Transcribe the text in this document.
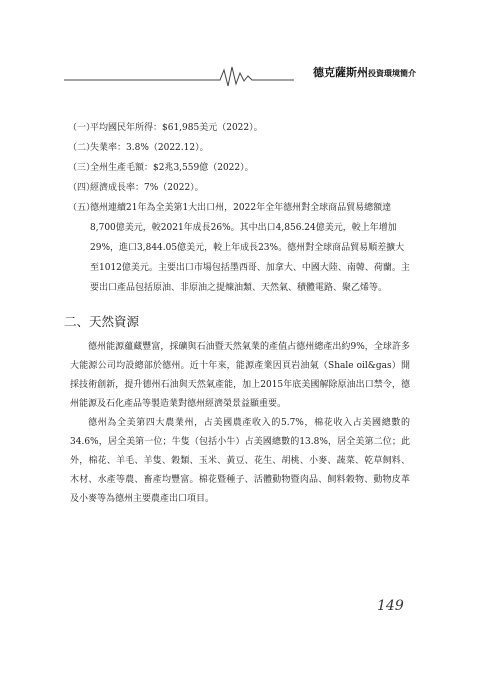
德克薩斯州投資環境簡介

（一）
平均國民年所得：$61,985美元（2022）。

（二）
失業率：3.8%（2022.12）。

（三）
全州生產毛額：$2兆3,559億（2022）。

（四）
經濟成長率：7%（2022）。

（五）
德州連續21年為全美第1大出口州，2022年全年德州對全球商品貿易總額達8,700億美元，較2021年成長26%。其中出口4,856.24億美元，較上年增加29%，進口3,844.05億美元，較上年成長23%。德州對全球商品貿易順差擴大至1012億美元。主要出口市場包括墨西哥、加拿大、中國大陸、南韓、荷蘭。主要出口產品包括原油、非原油之提煉油類、天然氣、積體電路、聚乙烯等。

二、天然資源

德州能源蘊藏豐富，採礦與石油暨天然氣業的產值占德州總產出約9%，全球許多大能源公司均設總部於德州。近十年來，能源產業因頁岩油氣（Shale oil&gas）開採技術創新，提升德州石油與天然氣產能，加上2015年底美國解除原油出口禁令，德州能源及石化產品等製造業對德州經濟榮景益顯重要。

德州為全美第四大農業州，占美國農產收入的5.7%，棉花收入占美國總數的34.6%，居全美第一位；牛隻（包括小牛）占美國總數的13.8%，居全美第二位；此外，棉花、羊毛、羊隻、穀類、玉米、黃豆、花生、胡桃、小麥、蔬菜、乾草飼料、木材、水產等農、畜產均豐富。棉花暨種子、活體動物暨肉品、飼料穀物、動物皮革及小麥等為德州主要農產出口項目。

149
